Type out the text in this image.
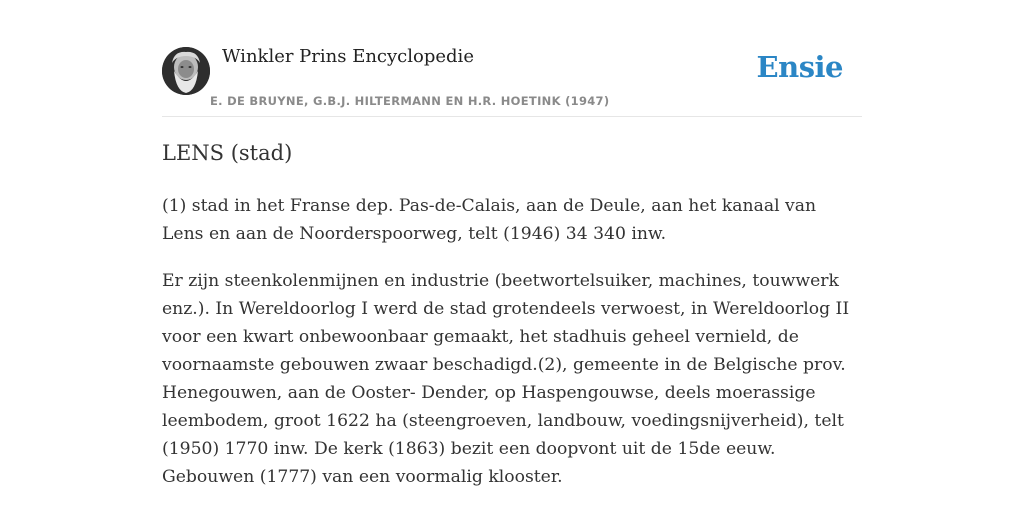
Winkler Prins Encyclopedie
E. DE BRUYNE, G.B.J. HILTERMANN EN H.R. HOETINK (1947)
Ensie
LENS (stad)

(1) stad in het Franse dep. Pas-de-Calais, aan de Deule, aan het kanaal van Lens en aan de Noorderspoorweg, telt (1946) 34 340 inw.

Er zijn steenkolenmijnen en industrie (beetwortelsuiker, machines, touwwerk enz.). In Wereldoorlog I werd de stad grotendeels verwoest, in Wereldoorlog II voor een kwart onbewoonbaar gemaakt, het stadhuis geheel vernield, de voornaamste gebouwen zwaar beschadigd.(2), gemeente in de Belgische prov. Henegouwen, aan de Ooster- Dender, op Haspengouwse, deels moerassige leembodem, groot 1622 ha (steengroeven, landbouw, voedingsnijverheid), telt (1950) 1770 inw. De kerk (1863) bezit een doopvont uit de 15de eeuw. Gebouwen (1777) van een voormalig klooster.
